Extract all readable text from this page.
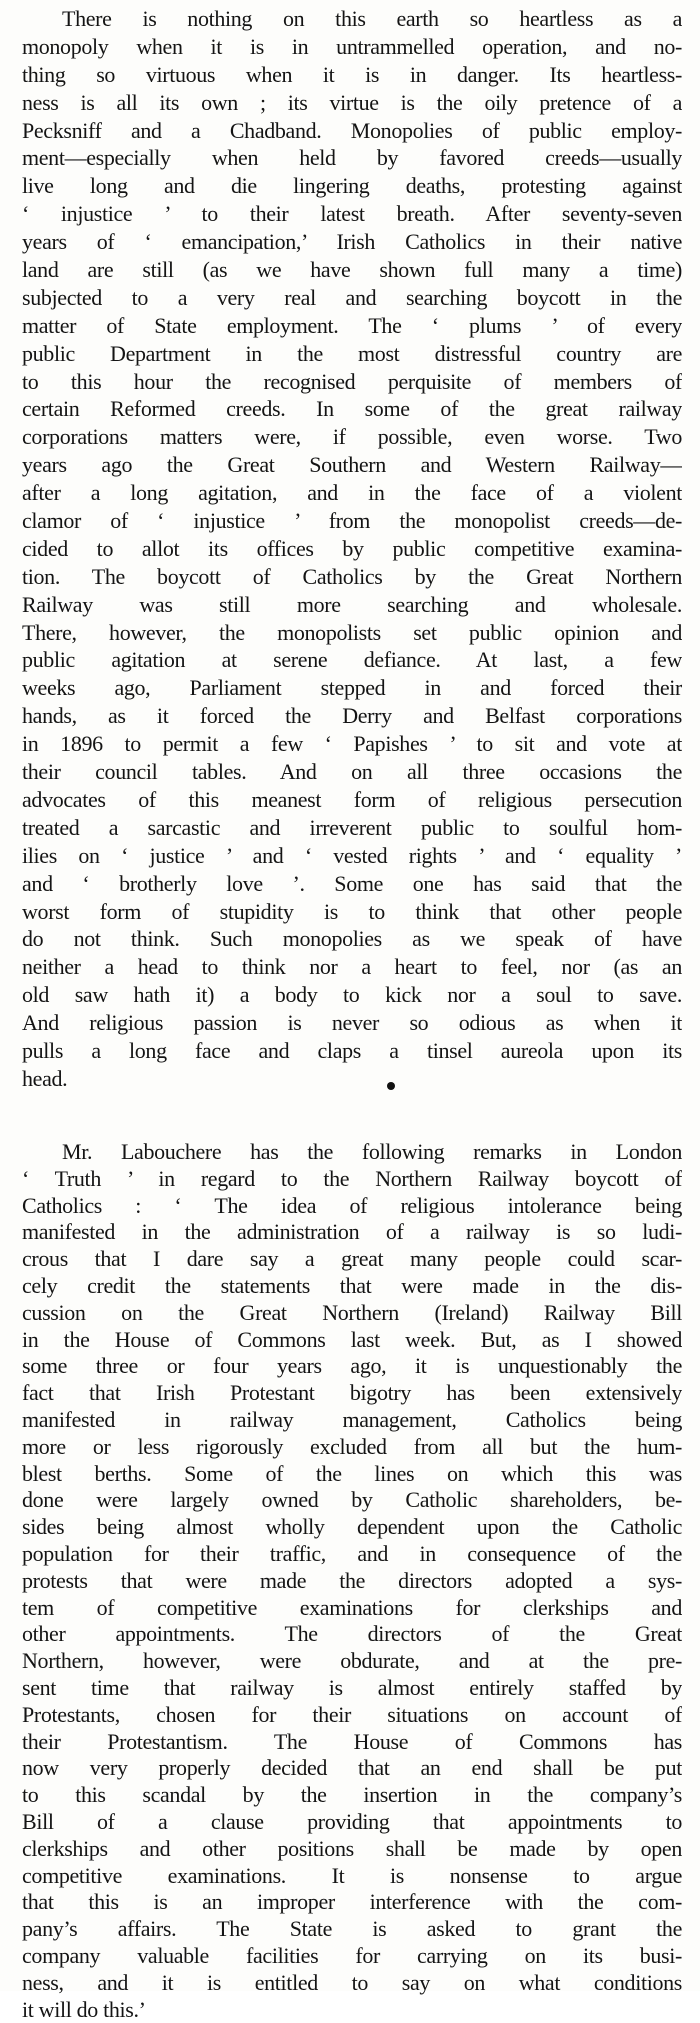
There is nothing on this earth so heartless as a
monopoly when it is in untrammelled operation, and no-
thing so virtuous when it is in danger. Its heartless-
ness is all its own ; its virtue is the oily pretence of a
Pecksniff and a Chadband. Monopolies of public employ-
ment—especially when held by favored creeds—usually
live long and die lingering deaths, protesting against
‘ injustice ’ to their latest breath. After seventy-seven
years of ‘ emancipation,’ Irish Catholics in their native
land are still (as we have shown full many a time)
subjected to a very real and searching boycott in the
matter of State employment. The ‘ plums ’ of every
public Department in the most distressful country are
to this hour the recognised perquisite of members of
certain Reformed creeds. In some of the great railway
corporations matters were, if possible, even worse. Two
years ago the Great Southern and Western Railway—
after a long agitation, and in the face of a violent
clamor of ‘ injustice ’ from the monopolist creeds—de-
cided to allot its offices by public competitive examina-
tion. The boycott of Catholics by the Great Northern
Railway was still more searching and wholesale.
There, however, the monopolists set public opinion and
public agitation at serene defiance. At last, a few
weeks ago, Parliament stepped in and forced their
hands, as it forced the Derry and Belfast corporations
in 1896 to permit a few ‘ Papishes ’ to sit and vote at
their council tables. And on all three occasions the
advocates of this meanest form of religious persecution
treated a sarcastic and irreverent public to soulful hom-
ilies on ‘ justice ’ and ‘ vested rights ’ and ‘ equality ’
and ‘ brotherly love ’. Some one has said that the
worst form of stupidity is to think that other people
do not think. Such monopolies as we speak of have
neither a head to think nor a heart to feel, nor (as an
old saw hath it) a body to kick nor a soul to save.
And religious passion is never so odious as when it
pulls a long face and claps a tinsel aureola upon its
head.
Mr. Labouchere has the following remarks in London
‘ Truth ’ in regard to the Northern Railway boycott of
Catholics : ‘ The idea of religious intolerance being
manifested in the administration of a railway is so ludi-
crous that I dare say a great many people could scar-
cely credit the statements that were made in the dis-
cussion on the Great Northern (Ireland) Railway Bill
in the House of Commons last week. But, as I showed
some three or four years ago, it is unquestionably the
fact that Irish Protestant bigotry has been extensively
manifested in railway management, Catholics being
more or less rigorously excluded from all but the hum-
blest berths. Some of the lines on which this was
done were largely owned by Catholic shareholders, be-
sides being almost wholly dependent upon the Catholic
population for their traffic, and in consequence of the
protests that were made the directors adopted a sys-
tem of competitive examinations for clerkships and
other appointments. The directors of the Great
Northern, however, were obdurate, and at the pre-
sent time that railway is almost entirely staffed by
Protestants, chosen for their situations on account of
their Protestantism. The House of Commons has
now very properly decided that an end shall be put
to this scandal by the insertion in the company’s
Bill of a clause providing that appointments to
clerkships and other positions shall be made by open
competitive examinations. It is nonsense to argue
that this is an improper interference with the com-
pany’s affairs. The State is asked to grant the
company valuable facilities for carrying on its busi-
ness, and it is entitled to say on what conditions
it will do this.’
